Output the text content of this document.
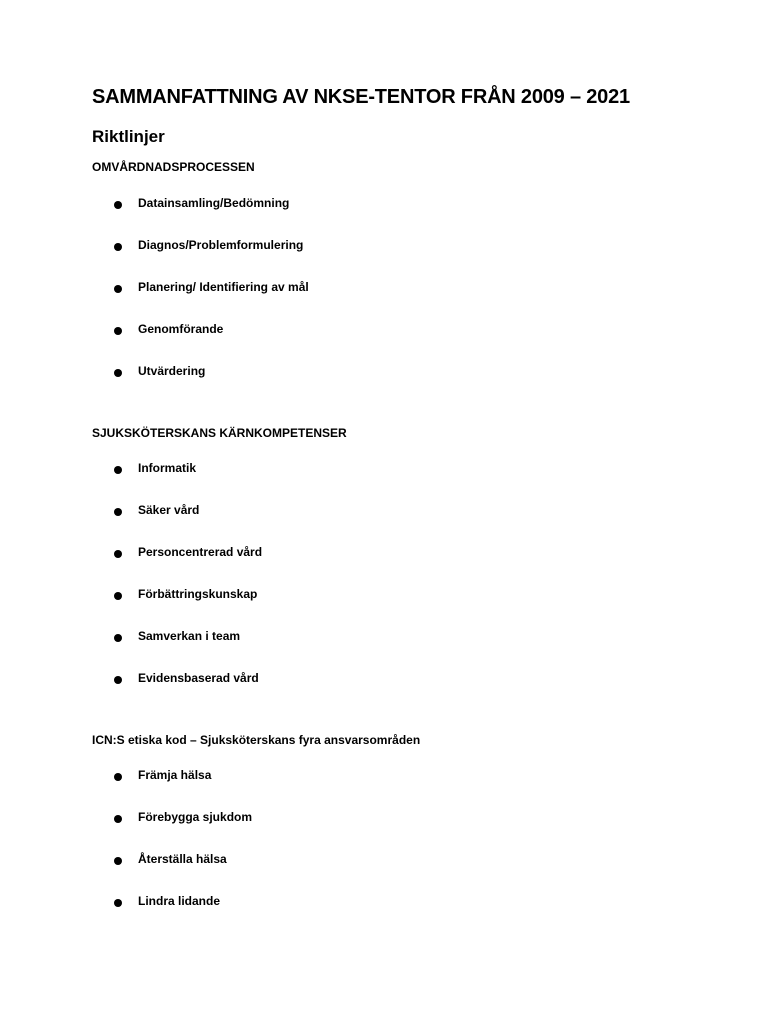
SAMMANFATTNING AV NKSE-TENTOR FRÅN 2009 – 2021
Riktlinjer
OMVÅRDNADSPROCESSEN
Datainsamling/Bedömning
Diagnos/Problemformulering
Planering/ Identifiering av mål
Genomförande
Utvärdering
SJUKSKÖTERSKANS KÄRNKOMPETENSER
Informatik
Säker vård
Personcentrerad vård
Förbättringskunskap
Samverkan i team
Evidensbaserad vård
ICN:S etiska kod – Sjuksköterskans fyra ansvarsområden
Främja hälsa
Förebygga sjukdom
Återställa hälsa
Lindra lidande
